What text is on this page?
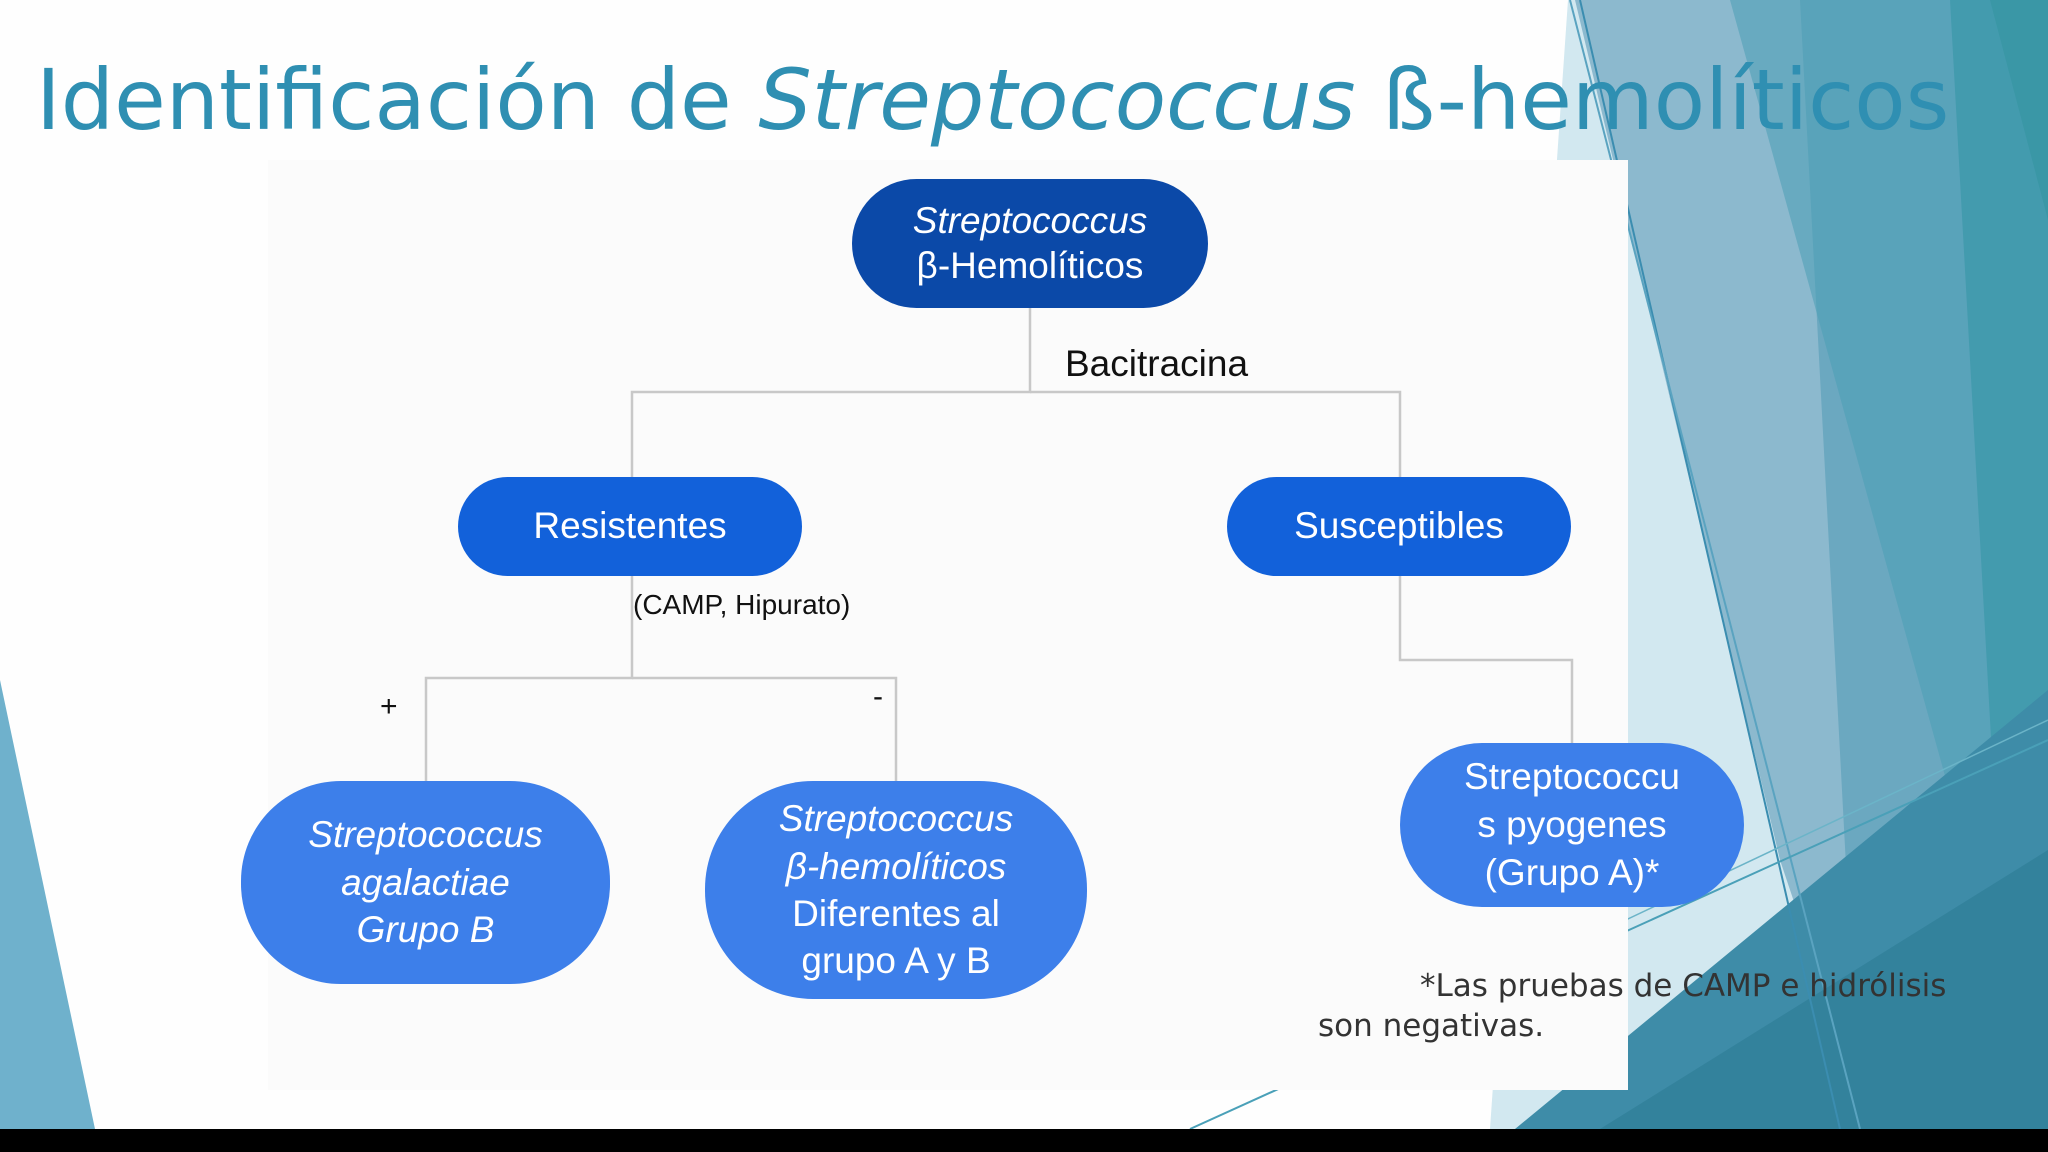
Identificación de Streptococcus ß-hemolíticos
Streptococcus
β-Hemolíticos
Bacitracina
Resistentes	Susceptibles
(CAMP, Hipurato)
+	-
Streptococcus
agalactiae
Grupo B
Streptococcus
β-hemolíticos
Diferentes al
grupo A y B
Streptococcu
s pyogenes
(Grupo A)*
*Las pruebas de CAMP e hidrólisis
son negativas.
